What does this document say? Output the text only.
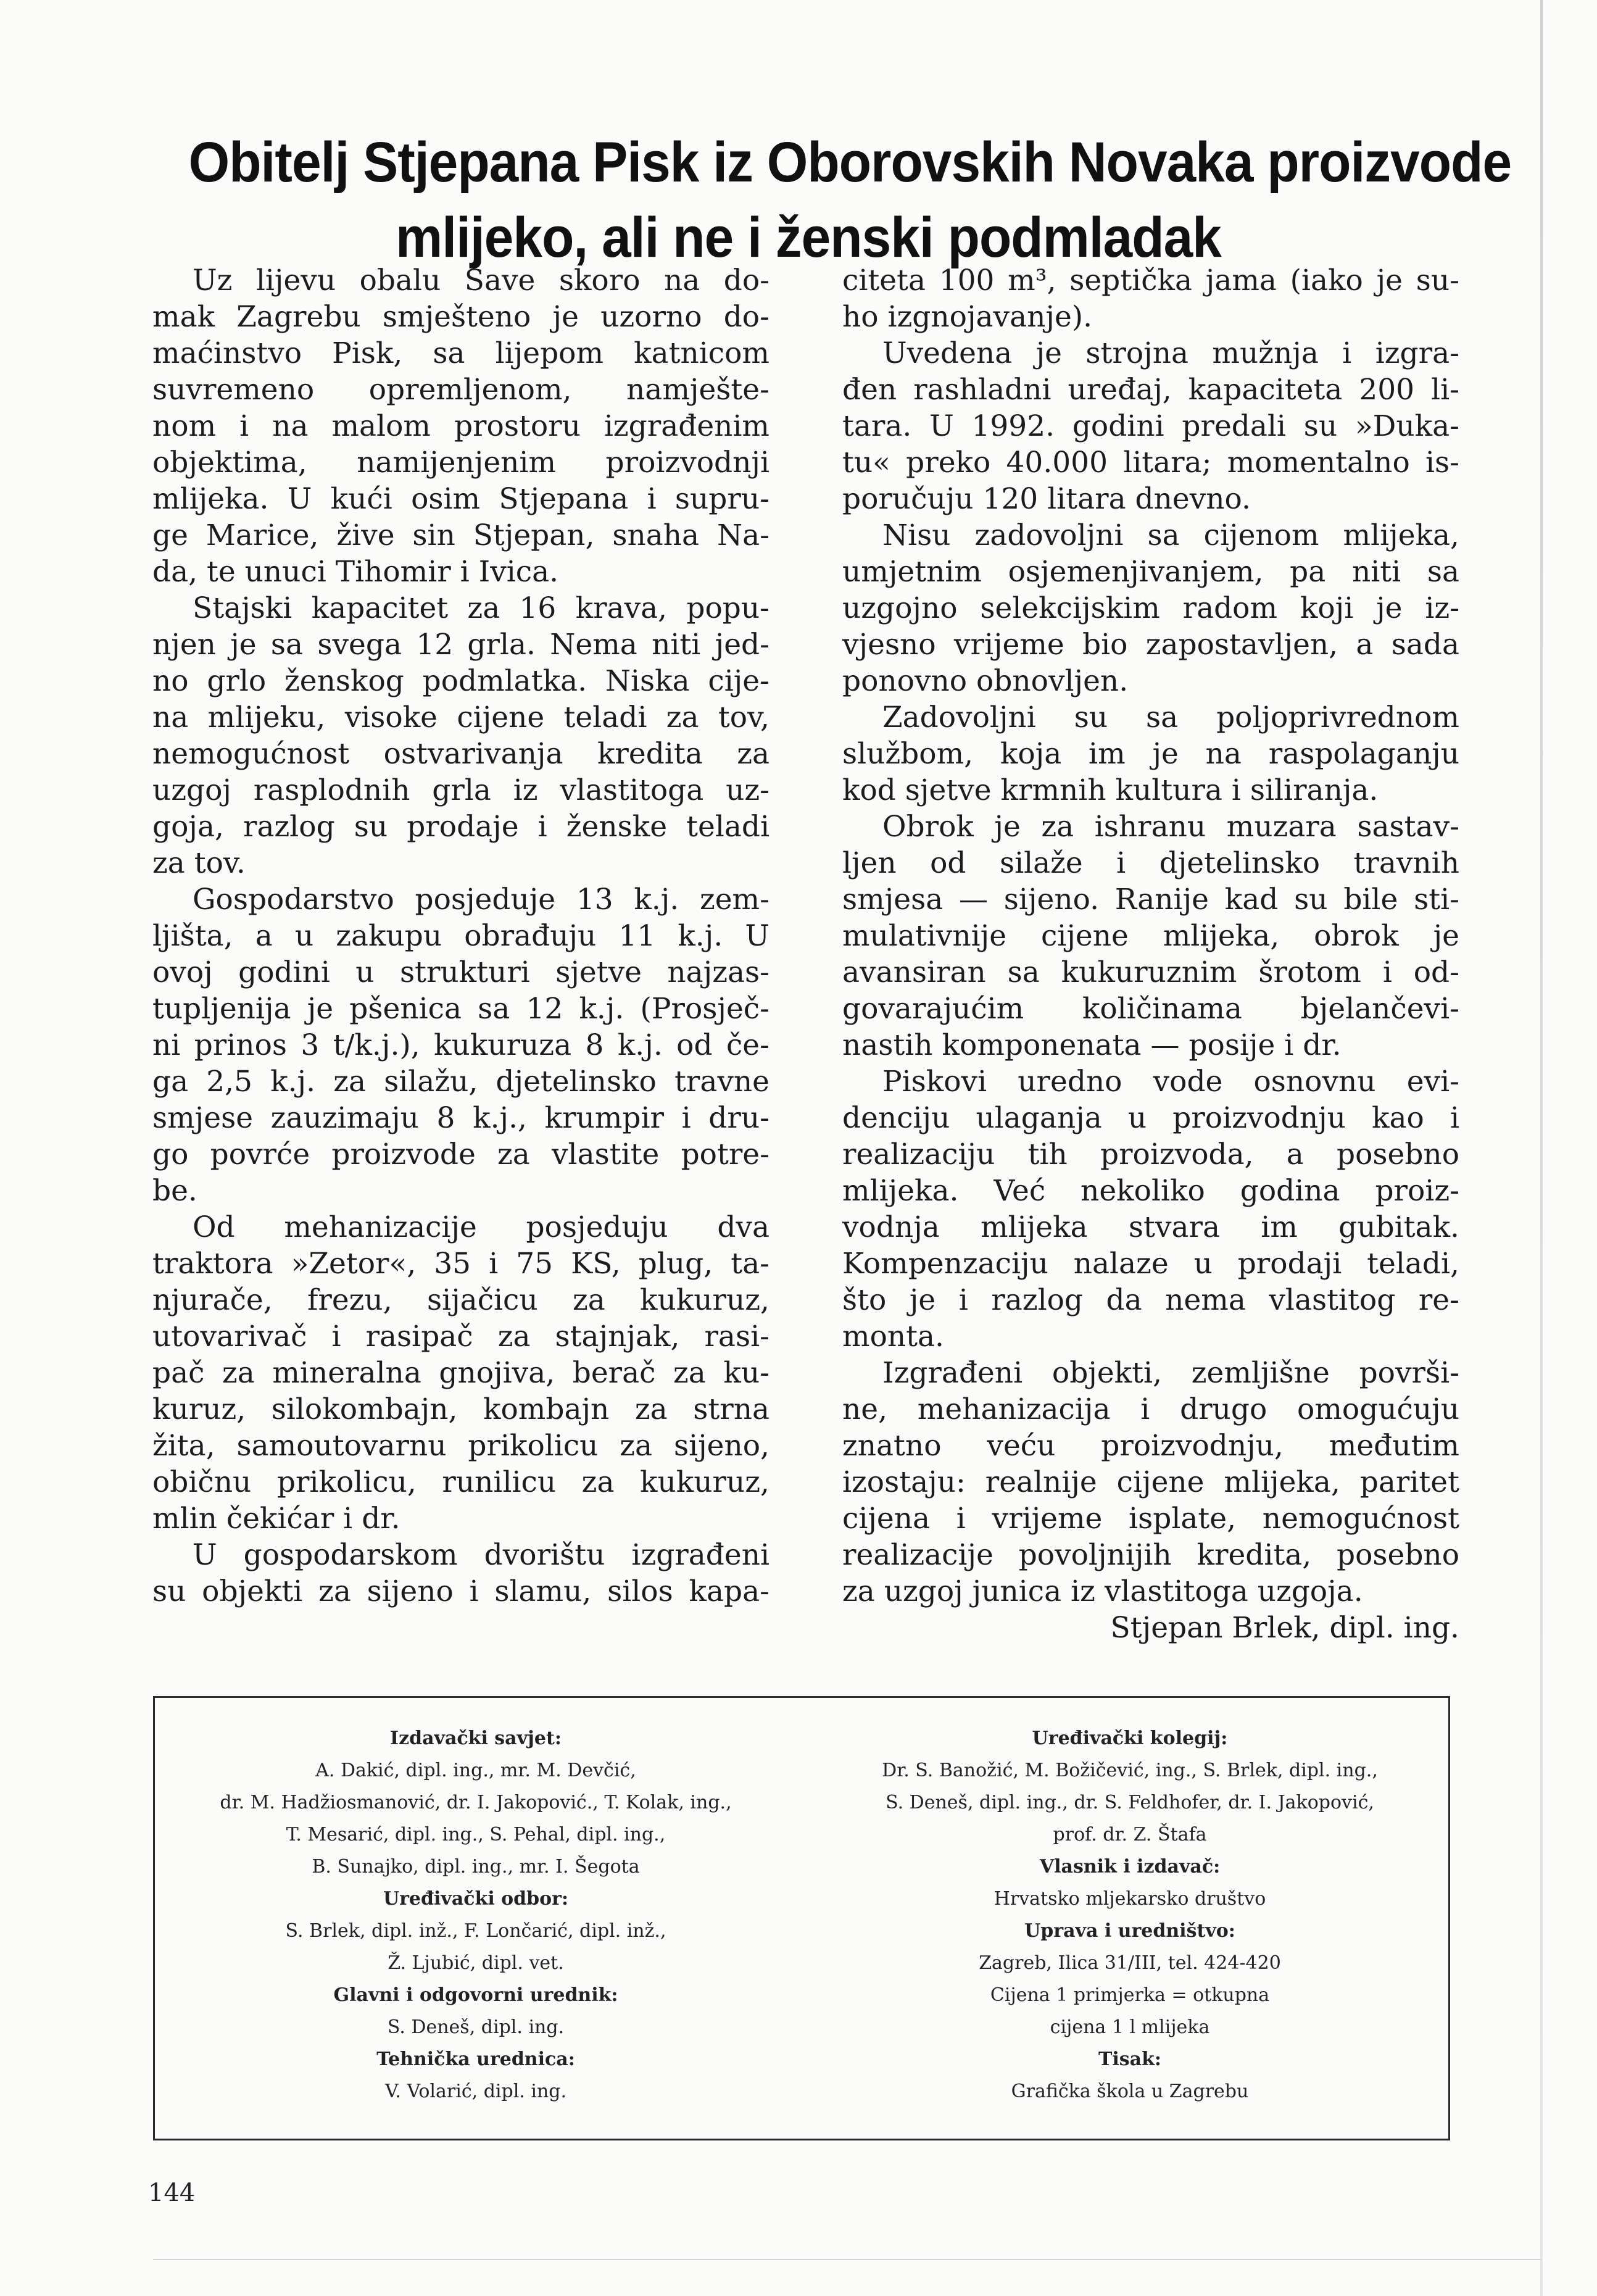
Obitelj Stjepana Pisk iz Oborovskih Novaka proizvode
mlijeko, ali ne i ženski podmladak
Uz lijevu obalu Save skoro na do-
mak Zagrebu smješteno je uzorno do-
maćinstvo Pisk, sa lijepom katnicom
suvremeno opremljenom, namješte-
nom i na malom prostoru izgrađenim
objektima, namijenjenim proizvodnji
mlijeka. U kući osim Stjepana i supru-
ge Marice, žive sin Stjepan, snaha Na-
da, te unuci Tihomir i Ivica.
Stajski kapacitet za 16 krava, popu-
njen je sa svega 12 grla. Nema niti jed-
no grlo ženskog podmlatka. Niska cije-
na mlijeku, visoke cijene teladi za tov,
nemogućnost ostvarivanja kredita za
uzgoj rasplodnih grla iz vlastitoga uz-
goja, razlog su prodaje i ženske teladi
za tov.
Gospodarstvo posjeduje 13 k.j. zem-
ljišta, a u zakupu obrađuju 11 k.j. U
ovoj godini u strukturi sjetve najzas-
tupljenija je pšenica sa 12 k.j. (Prosječ-
ni prinos 3 t/k.j.), kukuruza 8 k.j. od če-
ga 2,5 k.j. za silažu, djetelinsko travne
smjese zauzimaju 8 k.j., krumpir i dru-
go povrće proizvode za vlastite potre-
be.
Od mehanizacije posjeduju dva
traktora »Zetor«, 35 i 75 KS, plug, ta-
njurače, frezu, sijačicu za kukuruz,
utovarivač i rasipač za stajnjak, rasi-
pač za mineralna gnojiva, berač za ku-
kuruz, silokombajn, kombajn za strna
žita, samoutovarnu prikolicu za sijeno,
običnu prikolicu, runilicu za kukuruz,
mlin čekićar i dr.
U gospodarskom dvorištu izgrađeni
su objekti za sijeno i slamu, silos kapa-
citeta 100 m³, septička jama (iako je su-
ho izgnojavanje).
Uvedena je strojna mužnja i izgra-
đen rashladni uređaj, kapaciteta 200 li-
tara. U 1992. godini predali su »Duka-
tu« preko 40.000 litara; momentalno is-
poručuju 120 litara dnevno.
Nisu zadovoljni sa cijenom mlijeka,
umjetnim osjemenjivanjem, pa niti sa
uzgojno selekcijskim radom koji je iz-
vjesno vrijeme bio zapostavljen, a sada
ponovno obnovljen.
Zadovoljni su sa poljoprivrednom
službom, koja im je na raspolaganju
kod sjetve krmnih kultura i siliranja.
Obrok je za ishranu muzara sastav-
ljen od silaže i djetelinsko travnih
smjesa — sijeno. Ranije kad su bile sti-
mulativnije cijene mlijeka, obrok je
avansiran sa kukuruznim šrotom i od-
govarajućim količinama bjelančevi-
nastih komponenata — posije i dr.
Piskovi uredno vode osnovnu evi-
denciju ulaganja u proizvodnju kao i
realizaciju tih proizvoda, a posebno
mlijeka. Već nekoliko godina proiz-
vodnja mlijeka stvara im gubitak.
Kompenzaciju nalaze u prodaji teladi,
što je i razlog da nema vlastitog re-
monta.
Izgrađeni objekti, zemljišne površi-
ne, mehanizacija i drugo omogućuju
znatno veću proizvodnju, međutim
izostaju: realnije cijene mlijeka, paritet
cijena i vrijeme isplate, nemogućnost
realizacije povoljnijih kredita, posebno
za uzgoj junica iz vlastitoga uzgoja.
Stjepan Brlek, dipl. ing.
Izdavački savjet:
A. Dakić, dipl. ing., mr. M. Devčić,
dr. M. Hadžiosmanović, dr. I. Jakopović., T. Kolak, ing.,
T. Mesarić, dipl. ing., S. Pehal, dipl. ing.,
B. Sunajko, dipl. ing., mr. I. Šegota
Uređivački odbor:
S. Brlek, dipl. inž., F. Lončarić, dipl. inž.,
Ž. Ljubić, dipl. vet.
Glavni i odgovorni urednik:
S. Deneš, dipl. ing.
Tehnička urednica:
V. Volarić, dipl. ing.
Uređivački kolegij:
Dr. S. Banožić, M. Božičević, ing., S. Brlek, dipl. ing.,
S. Deneš, dipl. ing., dr. S. Feldhofer, dr. I. Jakopović,
prof. dr. Z. Štafa
Vlasnik i izdavač:
Hrvatsko mljekarsko društvo
Uprava i uredništvo:
Zagreb, Ilica 31/III, tel. 424-420
Cijena 1 primjerka = otkupna
cijena 1 l mlijeka
Tisak:
Grafička škola u Zagrebu
144
